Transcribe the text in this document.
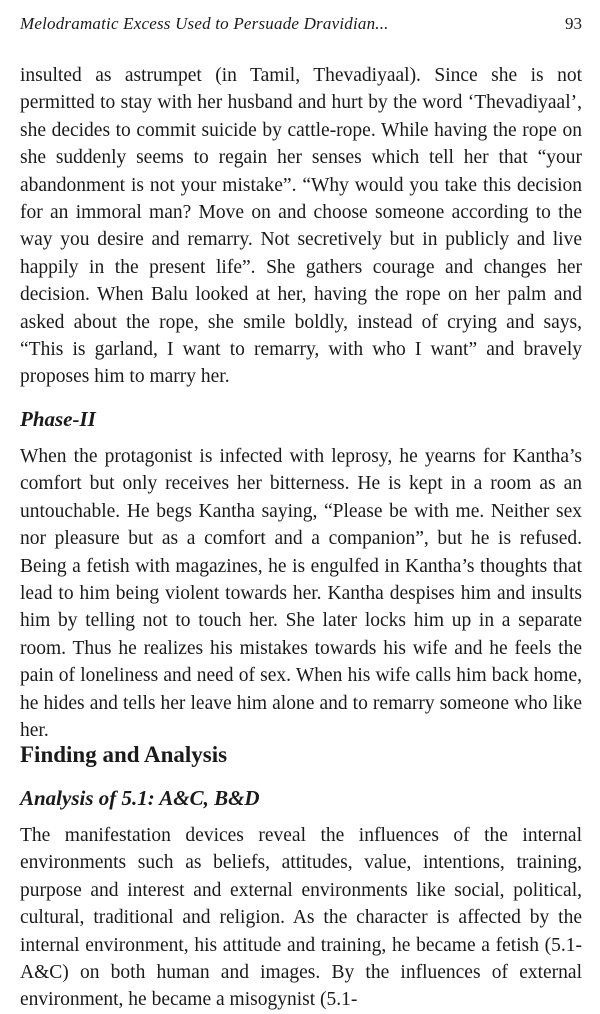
Melodramatic Excess Used to Persuade Dravidian...	93

insulted as astrumpet (in Tamil, Thevadiyaal). Since she is not permitted to stay with her husband and hurt by the word ‘Thevadiyaal’, she decides to commit suicide by cattle-rope. While having the rope on she suddenly seems to regain her senses which tell her that “your abandonment is not your mistake”. “Why would you take this decision for an immoral man? Move on and choose someone according to the way you desire and remarry. Not secretively but in publicly and live happily in the present life”. She gathers courage and changes her decision. When Balu looked at her, having the rope on her palm and asked about the rope, she smile boldly, instead of crying and says, “This is garland, I want to remarry, with who I want” and bravely proposes him to marry her.

Phase-II

When the protagonist is infected with leprosy, he yearns for Kantha’s comfort but only receives her bitterness. He is kept in a room as an untouchable. He begs Kantha saying, “Please be with me. Neither sex nor pleasure but as a comfort and a companion”, but he is refused. Being a fetish with magazines, he is engulfed in Kantha’s thoughts that lead to him being violent towards her. Kantha despises him and insults him by telling not to touch her. She later locks him up in a separate room. Thus he realizes his mistakes towards his wife and he feels the pain of loneliness and need of sex. When his wife calls him back home, he hides and tells her leave him alone and to remarry someone who like her.

Finding and Analysis
Analysis of 5.1: A&C, B&D

The manifestation devices reveal the influences of the internal environments such as beliefs, attitudes, value, intentions, training, purpose and interest and external environments like social, political, cultural, traditional and religion. As the character is affected by the internal environment, his attitude and training, he became a fetish (5.1-A&C) on both human and images. By the influences of external environment, he became a misogynist (5.1-
